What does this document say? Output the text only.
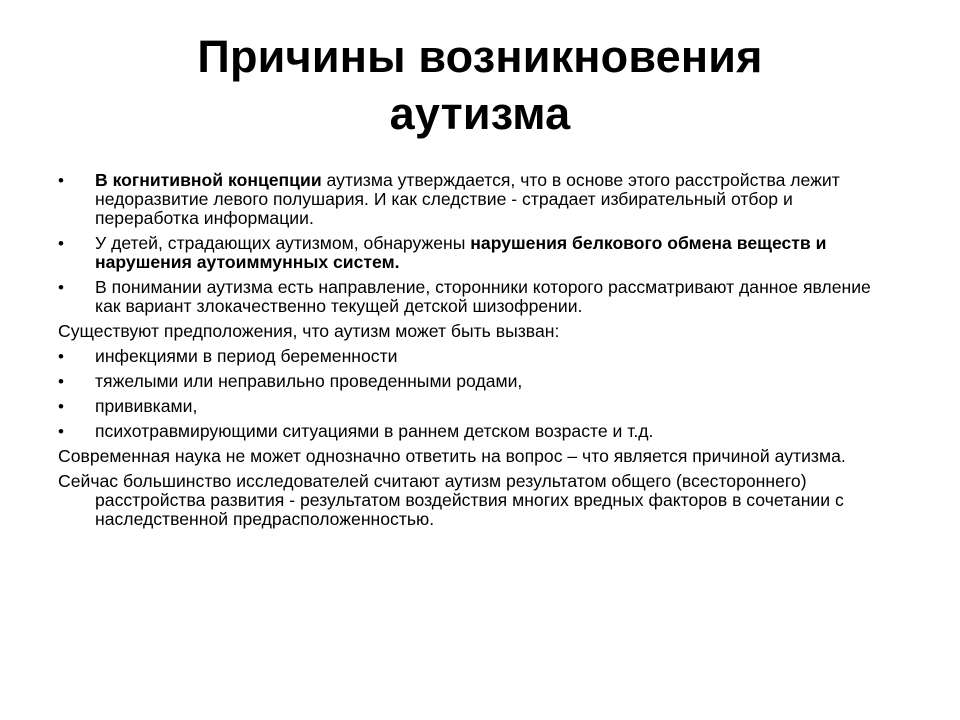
Причины возникновения
аутизма
•	В когнитивной концепции аутизма утверждается, что в основе этого расстройства лежит недоразвитие левого полушария. И как следствие - страдает избирательный отбор и переработка информации.
•	У детей, страдающих аутизмом, обнаружены нарушения белкового обмена веществ и нарушения аутоиммунных систем.
•	В понимании аутизма есть направление, сторонники которого рассматривают данное явление как вариант злокачественно текущей детской шизофрении.
Существуют предположения, что аутизм может быть вызван:
•	инфекциями в период беременности
•	тяжелыми или неправильно проведенными родами,
•	прививками,
•	психотравмирующими ситуациями в раннем детском возрасте и т.д.
Современная наука не может однозначно ответить на вопрос – что является причиной аутизма.
Сейчас большинство исследователей считают аутизм результатом общего (всестороннего) расстройства развития - результатом воздействия многих вредных факторов в сочетании с наследственной предрасположенностью.
